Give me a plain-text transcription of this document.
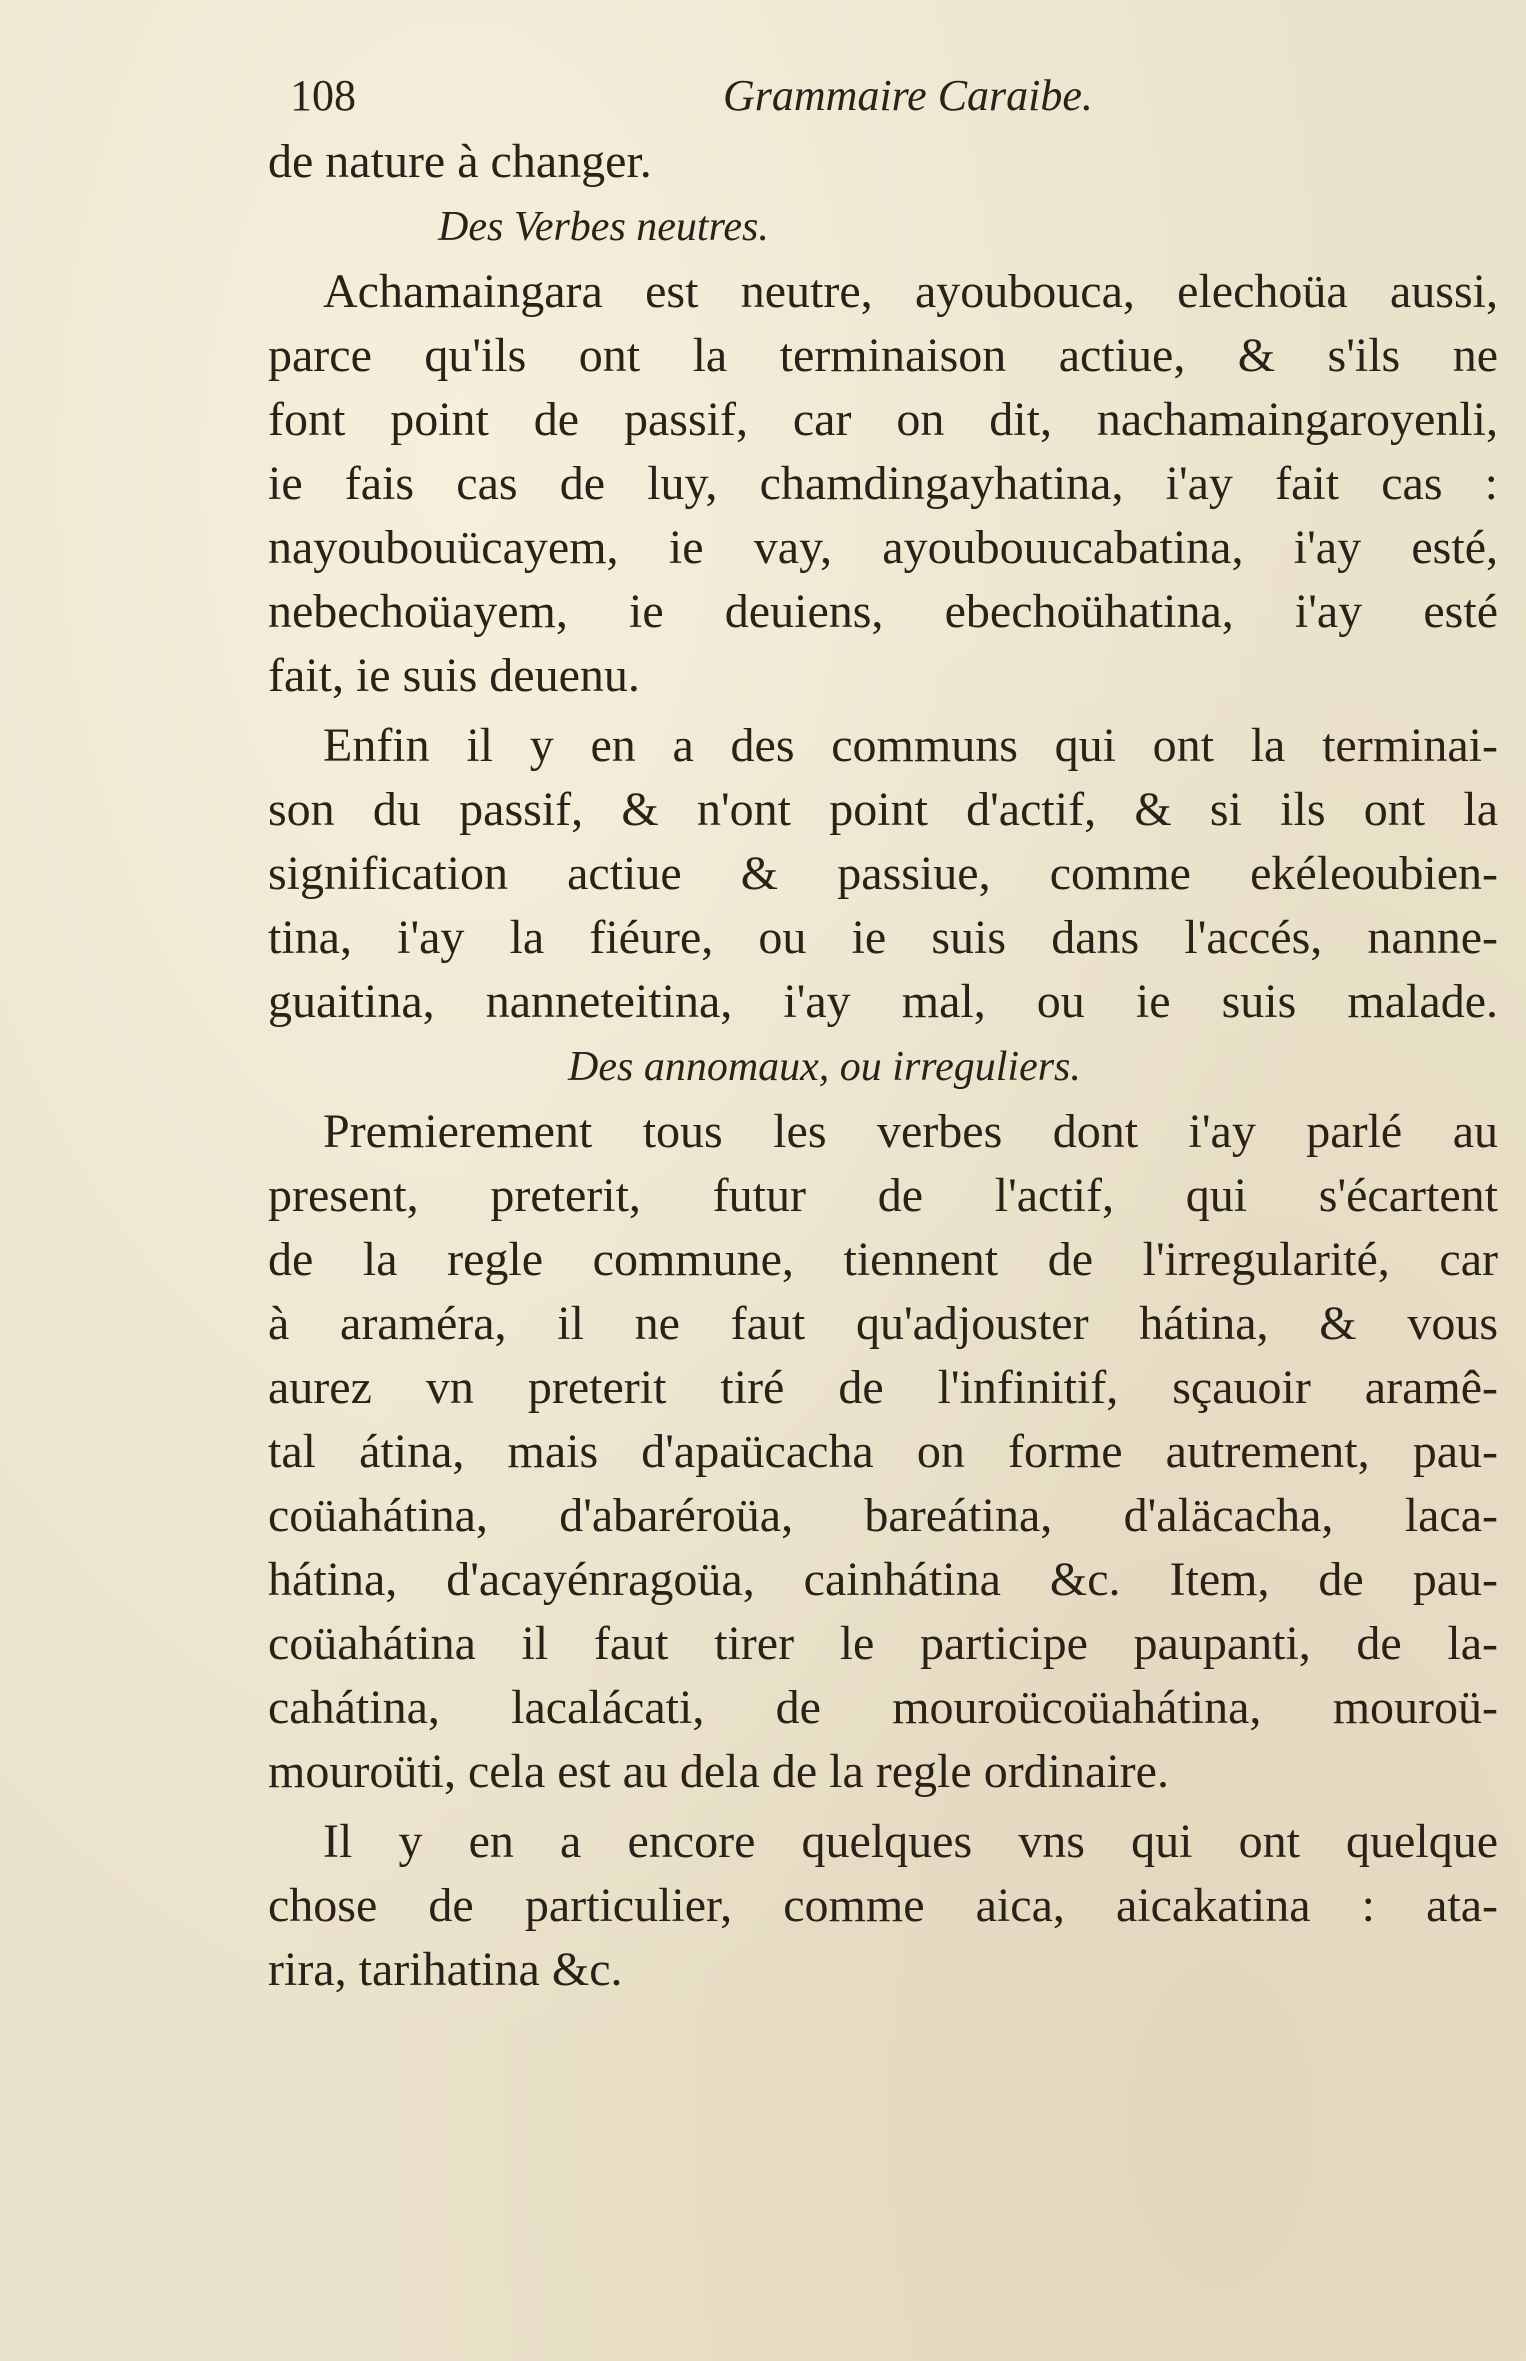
108	Grammaire Caraibe.
de nature à changer.
Des Verbes neutres.
Achamaingara est neutre, ayoubouca, elechoüa aussi,
parce qu'ils ont la terminaison actiue, & s'ils ne
font point de passif, car on dit, nachamaingaroyenli,
ie fais cas de luy, chamdingayhatina, i'ay fait cas :
nayoubouücayem, ie vay, ayoubouucabatina, i'ay esté,
nebechoüayem, ie deuiens, ebechoühatina, i'ay esté
fait, ie suis deuenu.
Enfin il y en a des communs qui ont la terminai-
son du passif, & n'ont point d'actif, & si ils ont la
signification actiue & passiue, comme ekéleoubien-
tina, i'ay la fiéure, ou ie suis dans l'accés, nanne-
guaitina, nanneteitina, i'ay mal, ou ie suis malade.
Des annomaux, ou irreguliers.
Premierement tous les verbes dont i'ay parlé au
present, preterit, futur de l'actif, qui s'écartent
de la regle commune, tiennent de l'irregularité, car
à araméra, il ne faut qu'adjouster hátina, & vous
aurez vn preterit tiré de l'infinitif, sçauoir aramê-
tal átina, mais d'apaücacha on forme autrement, pau-
coüahátina, d'abaréroüa, bareátina, d'aläcacha, laca-
hátina, d'acayénragoüa, cainhátina &c. Item, de pau-
coüahátina il faut tirer le participe paupanti, de la-
cahátina, lacalácati, de mouroücoüahátina, mouroü-
mouroüti, cela est au dela de la regle ordinaire.
Il y en a encore quelques vns qui ont quelque
chose de particulier, comme aica, aicakatina : ata-
rira, tarihatina &c.
